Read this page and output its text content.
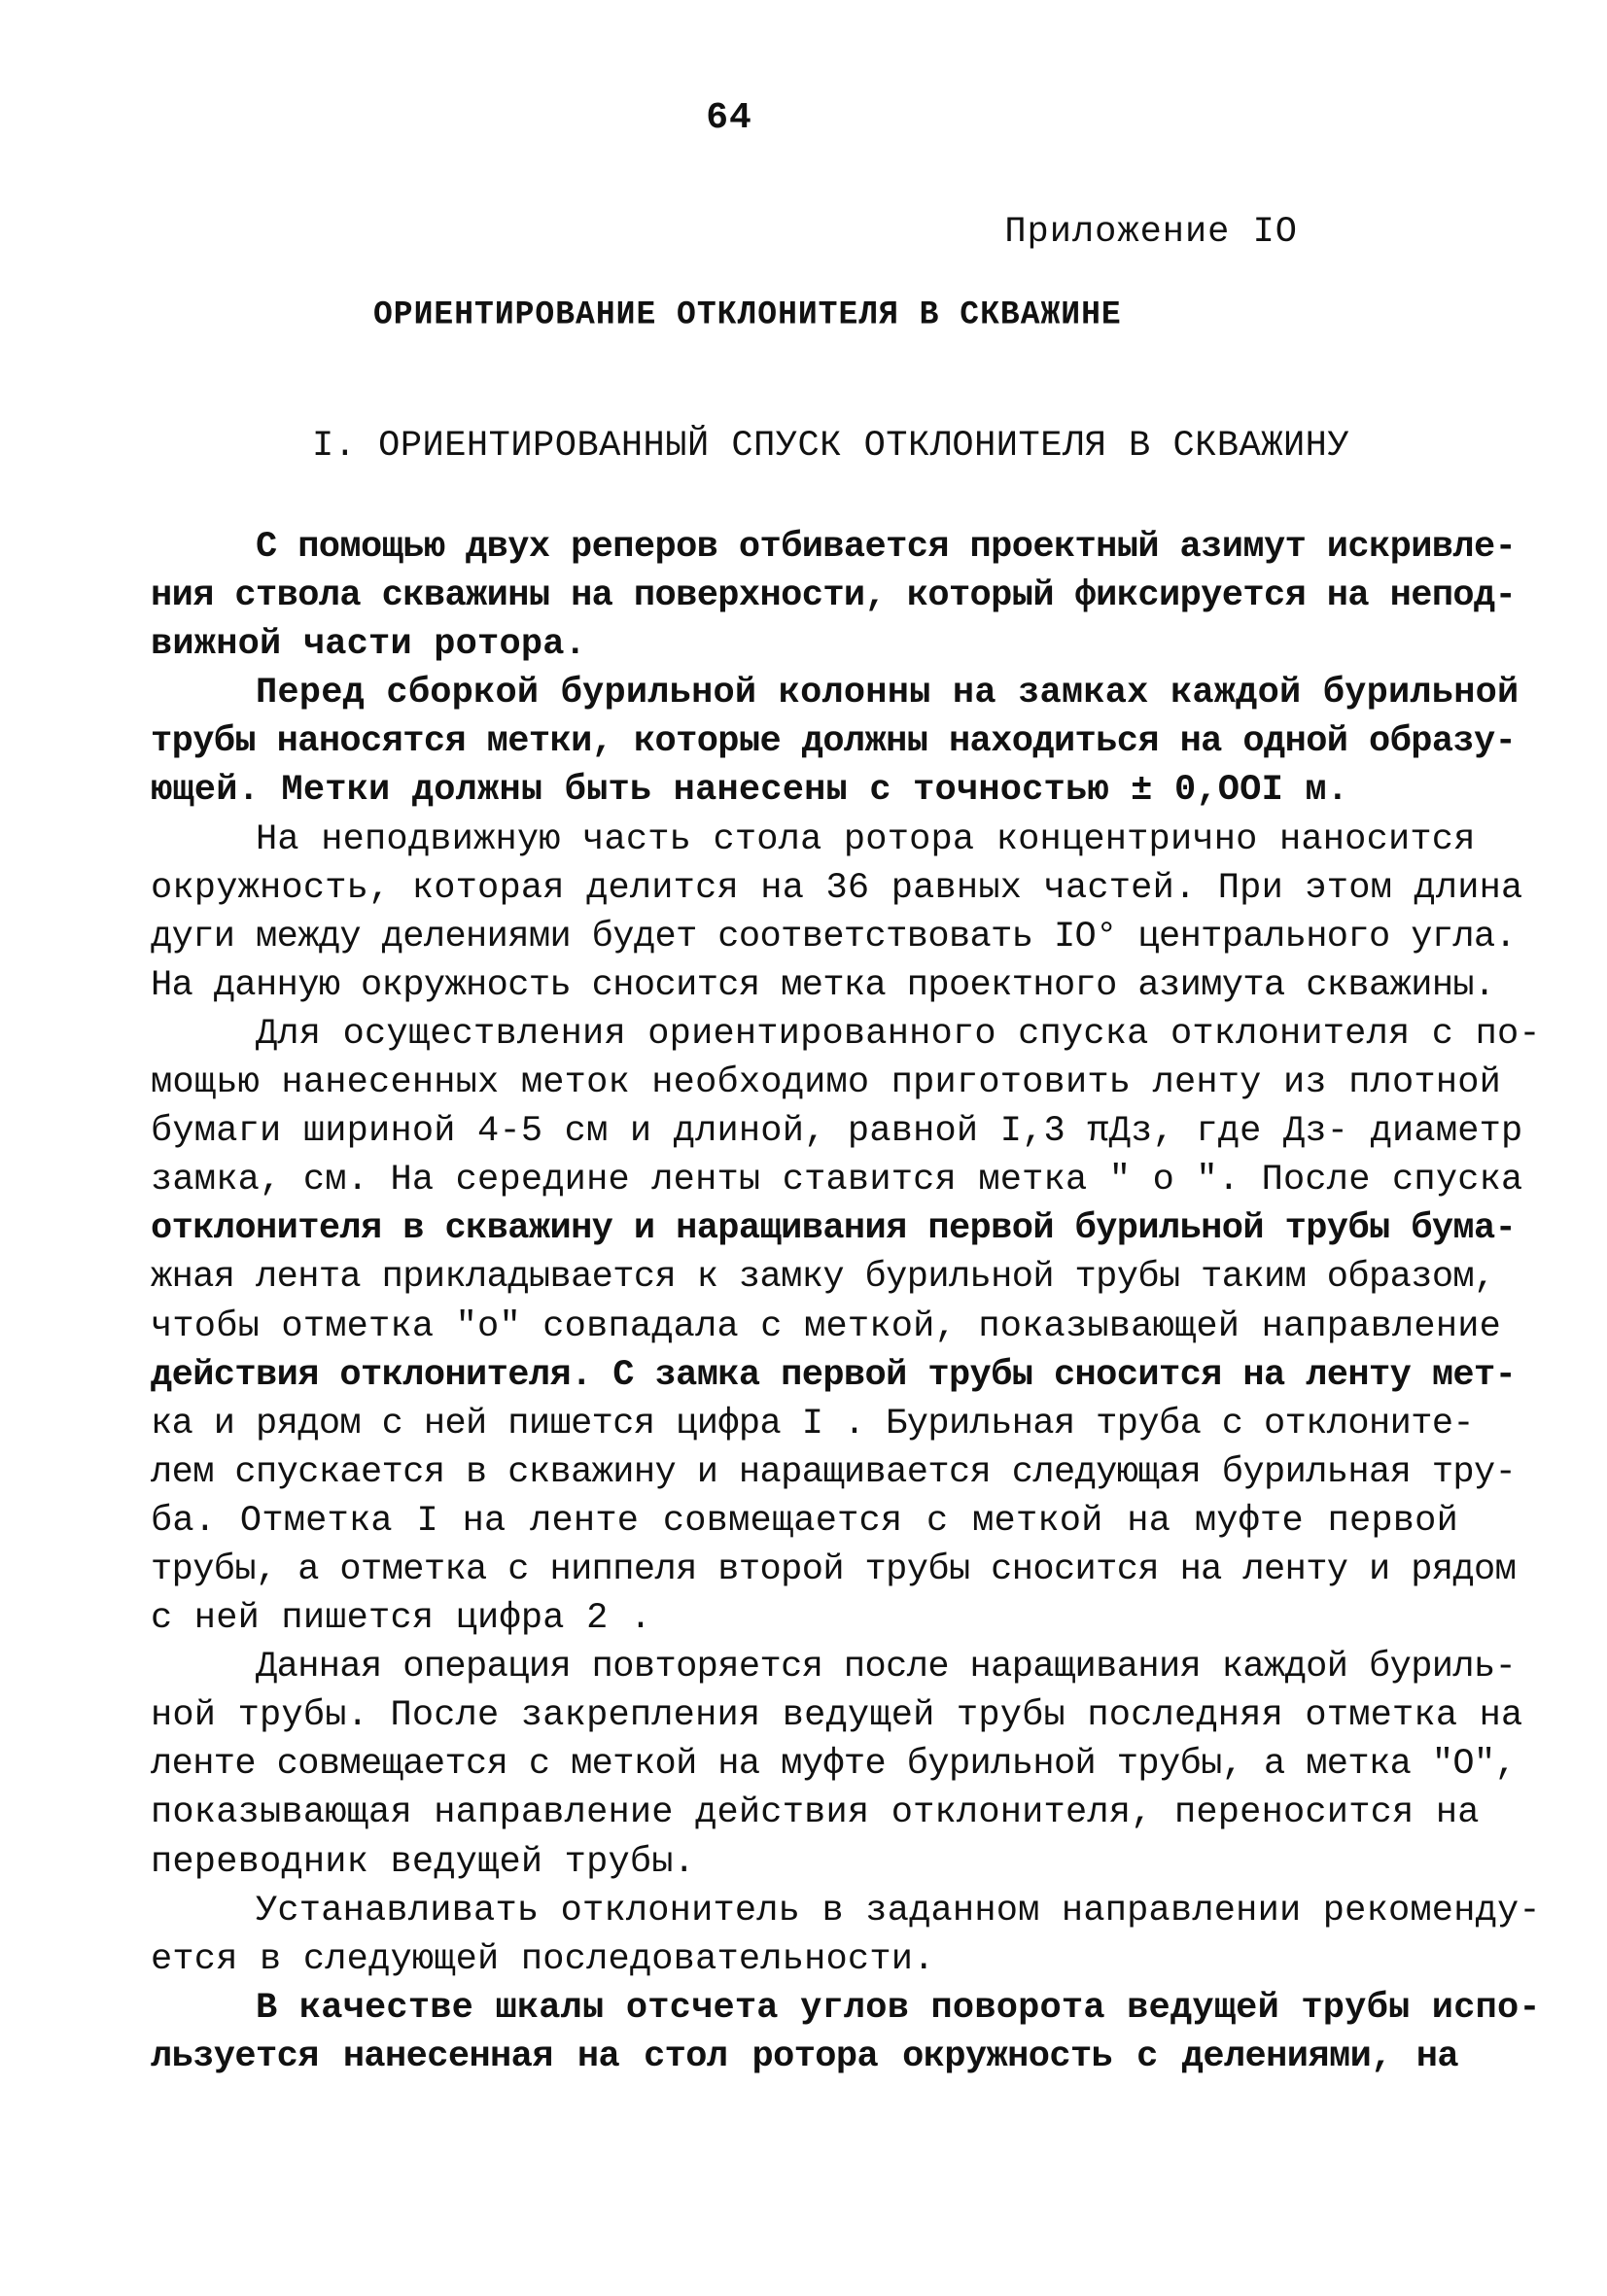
64
Приложение IO
ОРИЕНТИРОВАНИЕ ОТКЛОНИТЕЛЯ В СКВАЖИНЕ
I. ОРИЕНТИРОВАННЫЙ СПУСК ОТКЛОНИТЕЛЯ В СКВАЖИНУ
С помощью двух реперов отбивается проектный азимут искривле-
ния ствола скважины на поверхности, который фиксируется на непод-
вижной части ротора.
Перед сборкой бурильной колонны на замках каждой бурильной
трубы наносятся метки, которые должны находиться на одной образу-
ющей. Метки должны быть нанесены с точностью ± 0,OOI м.
На неподвижную часть стола ротора концентрично наносится
окружность, которая делится на 36 равных частей. При этом длина
дуги между делениями будет соответствовать IO° центрального угла.
На данную окружность сносится метка проектного азимута скважины.
Для осуществления ориентированного спуска отклонителя с по-
мощью нанесенных меток необходимо приготовить ленту из плотной
бумаги шириной 4-5 см и длиной, равной I,3 πДз, где Дз- диаметр
замка, см. На середине ленты ставится метка " о ". После спуска
отклонителя в скважину и наращивания первой бурильной трубы бума-
жная лента прикладывается к замку бурильной трубы таким образом,
чтобы отметка "о" совпадала с меткой, показывающей направление
действия отклонителя. С замка первой трубы сносится на ленту мет-
ка и рядом с ней пишется цифра I . Бурильная труба с отклоните-
лем спускается в скважину и наращивается следующая бурильная тру-
ба. Отметка I на ленте совмещается с меткой на муфте первой
трубы, а отметка с ниппеля второй трубы сносится на ленту и рядом
с ней пишется цифра 2 .
Данная операция повторяется после наращивания каждой буриль-
ной трубы. После закрепления ведущей трубы последняя отметка на
ленте совмещается с меткой на муфте бурильной трубы, а метка "О",
показывающая направление действия отклонителя, переносится на
переводник ведущей трубы.
Устанавливать отклонитель в заданном направлении рекоменду-
ется в следующей последовательности.
В качестве шкалы отсчета углов поворота ведущей трубы испо-
льзуется нанесенная на стол ротора окружность с делениями, на
